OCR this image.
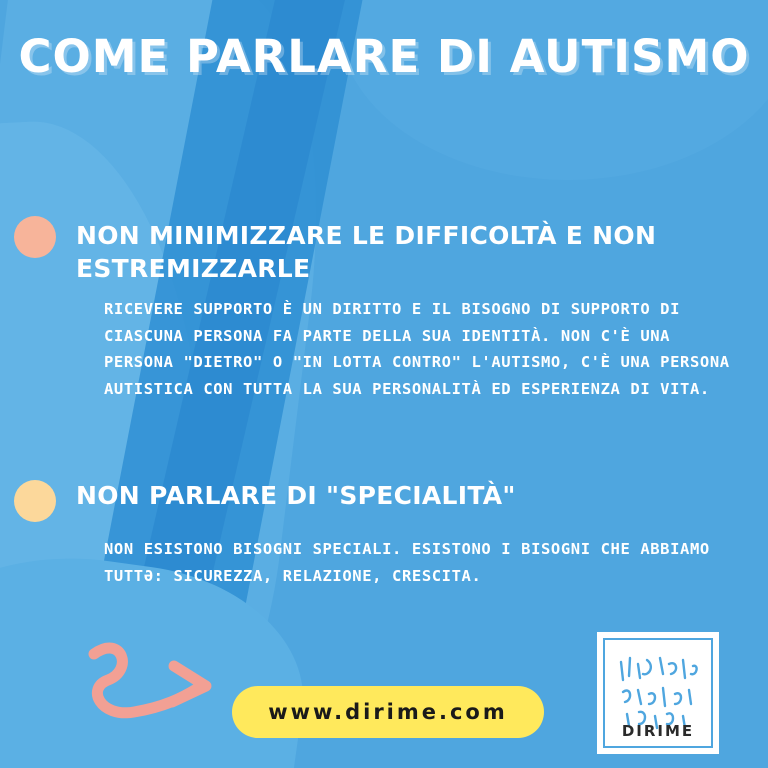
COME PARLARE DI AUTISMO
NON MINIMIZZARE LE DIFFICOLTÀ E NON ESTREMIZZARLE
RICEVERE SUPPORTO È UN DIRITTO E IL BISOGNO DI SUPPORTO DI CIASCUNA PERSONA FA PARTE DELLA SUA IDENTITÀ. NON C'È UNA PERSONA "DIETRO" O "IN LOTTA CONTRO" L'AUTISMO, C'È UNA PERSONA AUTISTICA CON TUTTA LA SUA PERSONALITÀ ED ESPERIENZA DI VITA.
NON PARLARE DI "SPECIALITÀ"
NON ESISTONO BISOGNI SPECIALI. ESISTONO I BISOGNI CHE ABBIAMO TUTTƏ: SICUREZZA, RELAZIONE, CRESCITA.
www.dirime.com
DIRIME
